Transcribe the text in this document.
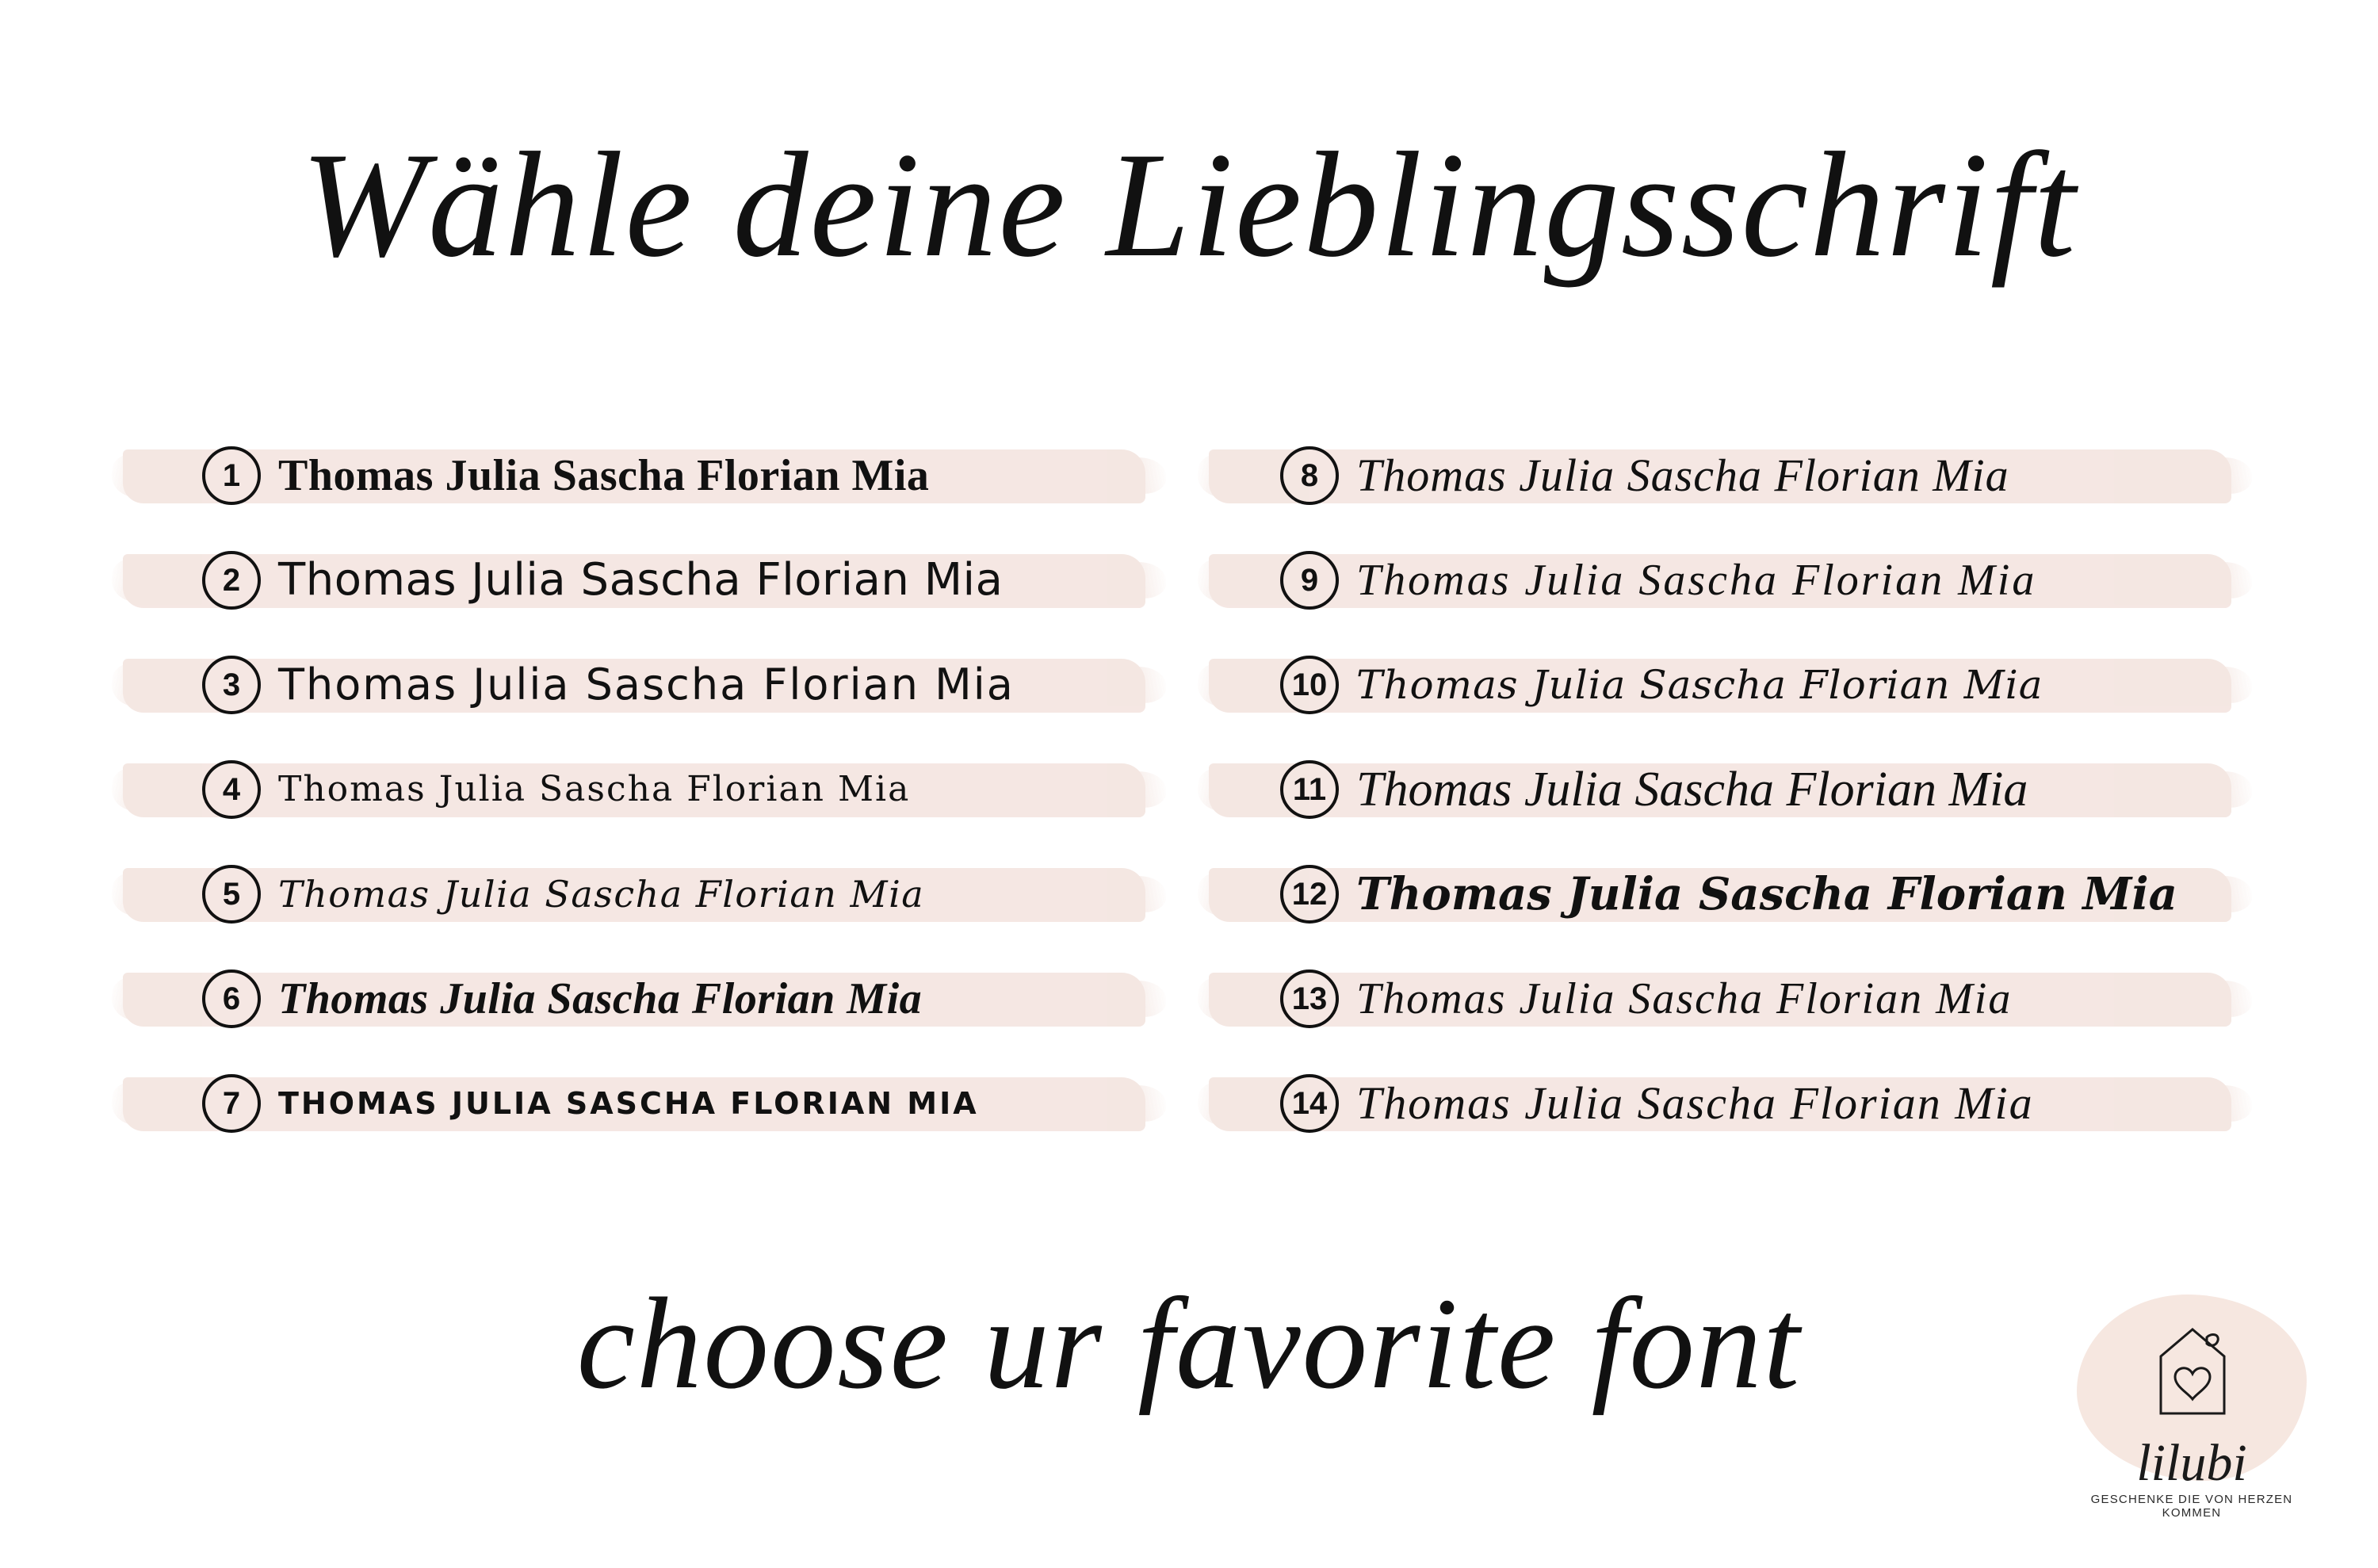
Wähle deine Lieblingsschrift
1 Thomas Julia Sascha Florian Mia
2 Thomas Julia Sascha Florian Mia
3 Thomas Julia Sascha Florian Mia
4	Thomas Julia Sascha Florian Mia
5	Thomas Julia Sascha Florian Mia
6 Thomas Julia Sascha Florian Mia
7	THOMAS JULIA SASCHA FLORIAN MIA
8 Thomas Julia Sascha Florian Mia
9 Thomas Julia Sascha Florian Mia
10 Thomas Julia Sascha Florian Mia
11 Thomas Julia Sascha Florian Mia
12 Thomas Julia Sascha Florian Mia
13 Thomas Julia Sascha Florian Mia
14 Thomas Julia Sascha Florian Mia
choose ur favorite font
lilubi
GESCHENKE DIE VON HERZEN KOMMEN
